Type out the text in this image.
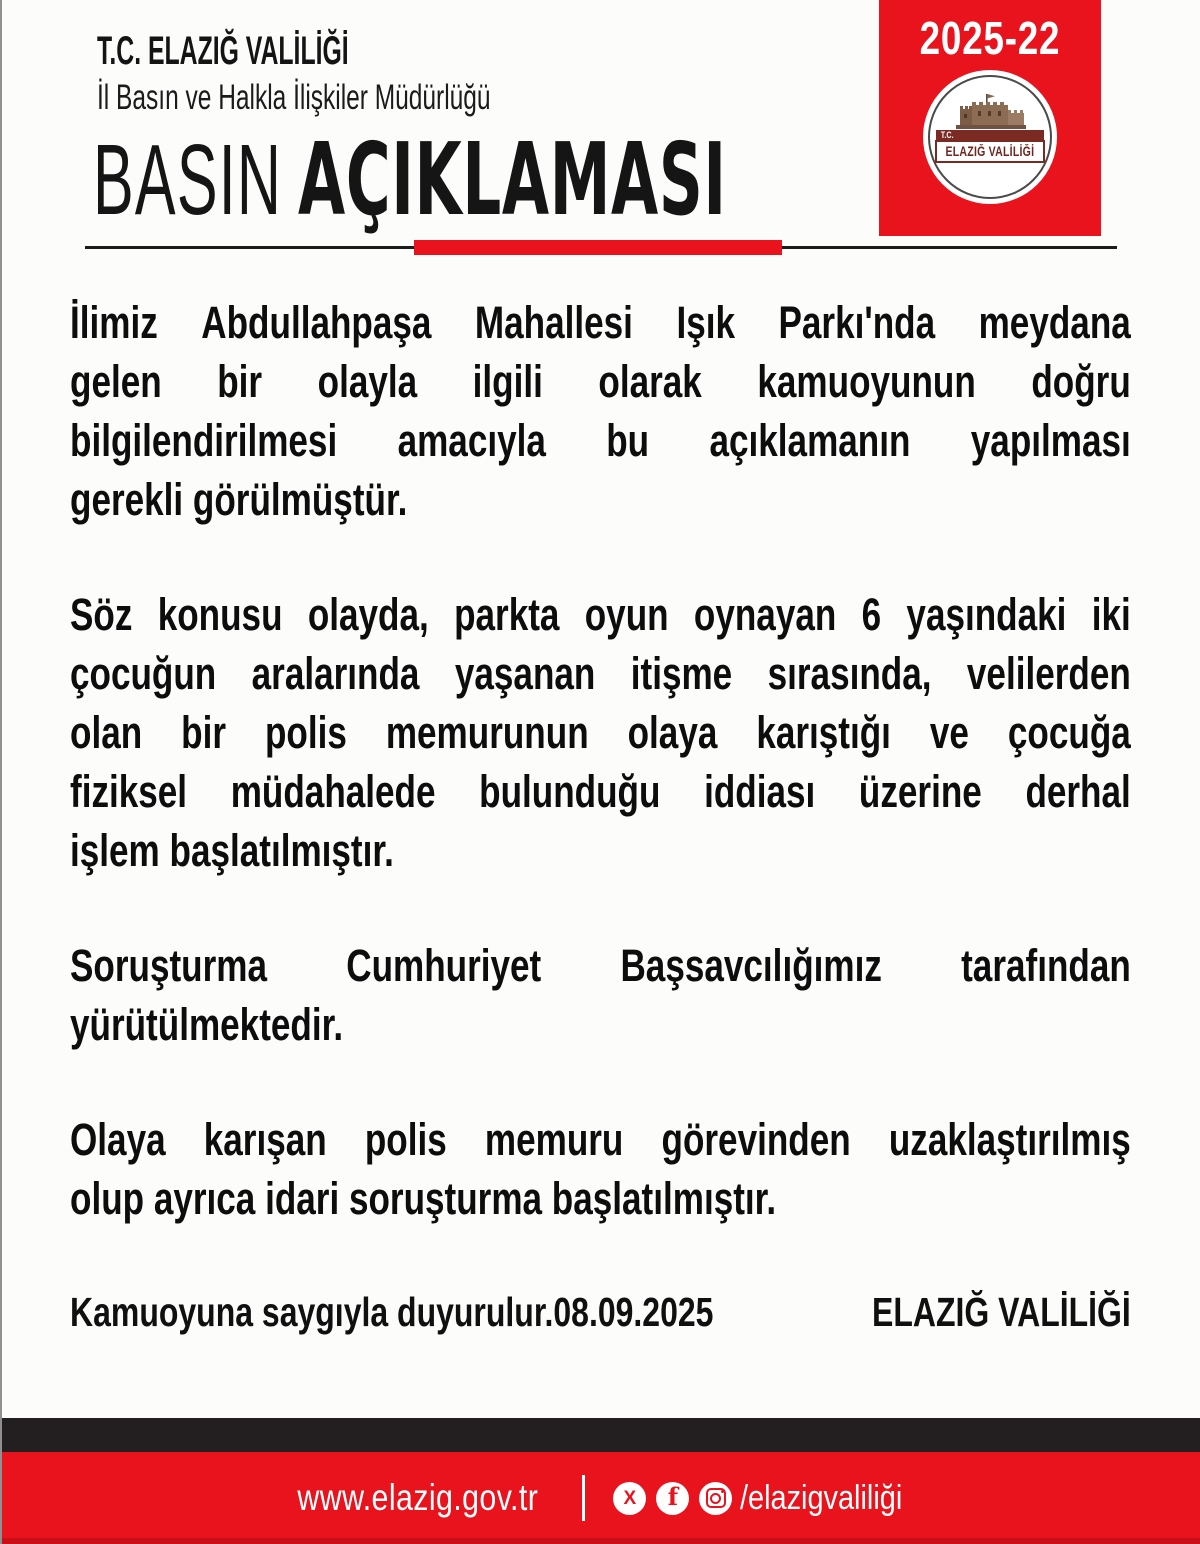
T.C. ELAZIĞ VALİLİĞİ
İl Basın ve Halkla İlişkiler Müdürlüğü
BASIN AÇIKLAMASI
2025-22
T.C.
ELAZIĞ VALİLİĞİ
İlimiz Abdullahpaşa Mahallesi Işık Parkı'nda meydana
gelen bir olayla ilgili olarak kamuoyunun doğru
bilgilendirilmesi amacıyla bu açıklamanın yapılması
gerekli görülmüştür.
Söz konusu olayda, parkta oyun oynayan 6 yaşındaki iki
çocuğun aralarında yaşanan itişme sırasında, velilerden
olan bir polis memurunun olaya karıştığı ve çocuğa
fiziksel müdahalede bulunduğu iddiası üzerine derhal
işlem başlatılmıştır.
Soruşturma Cumhuriyet Başsavcılığımız tarafından
yürütülmektedir.
Olaya karışan polis memuru görevinden uzaklaştırılmış
olup ayrıca idari soruşturma başlatılmıştır.
Kamuoyuna saygıyla duyurulur.08.09.2025	ELAZIĞ VALİLİĞİ
www.elazig.gov.tr	X f /elazigvaliliği
